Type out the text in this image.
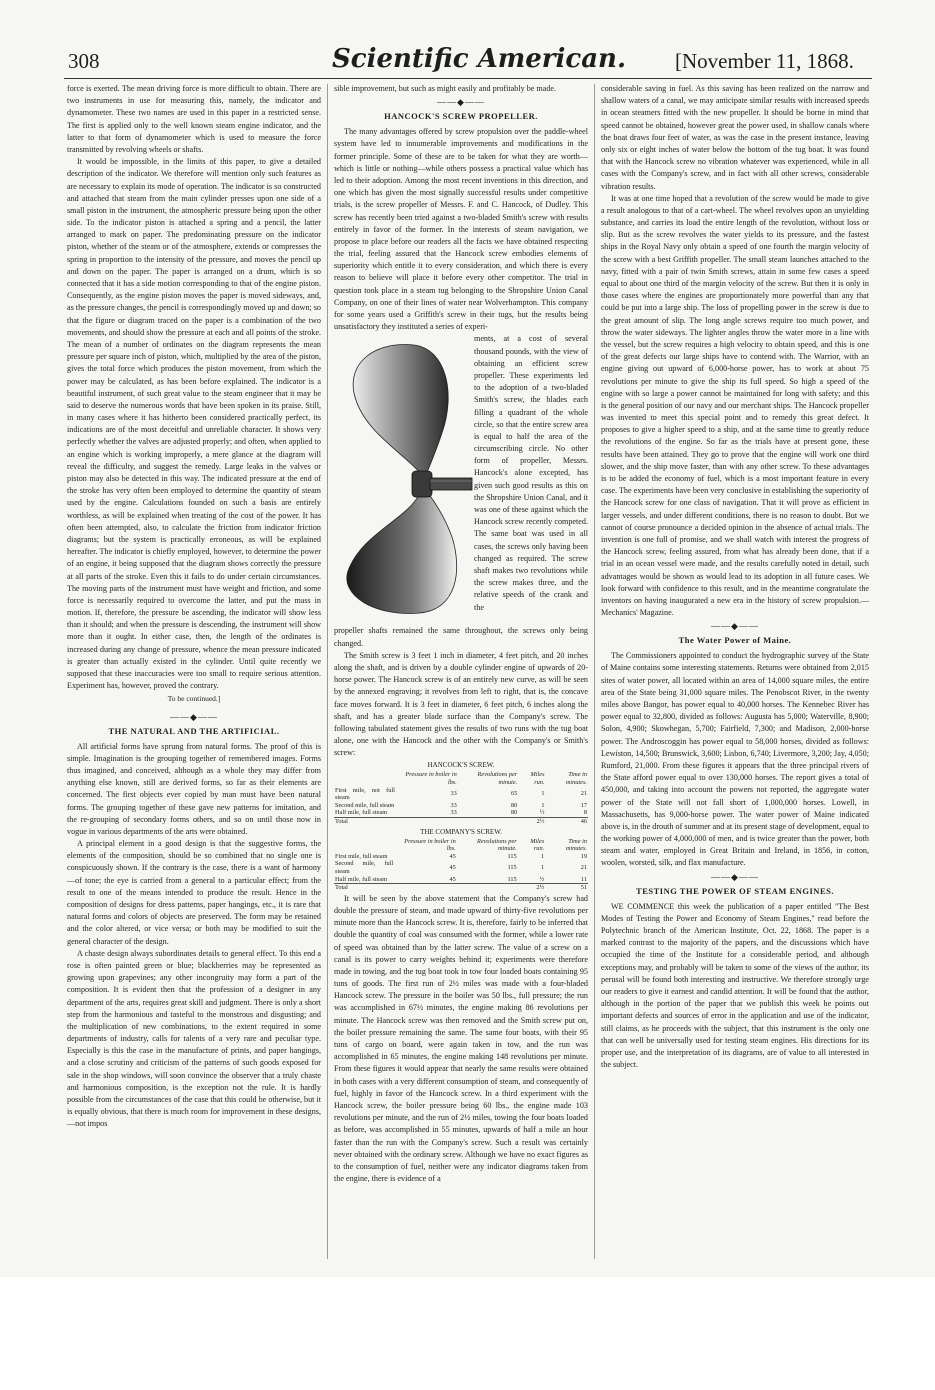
308	Scientific American.	[November 11, 1868.

force is exerted. The mean driving force is more difficult to obtain. There are two instruments in use for measuring this, namely, the indicator and dynamometer. These two names are used in this paper in a restricted sense. The first is applied only to the well known steam engine indicator, and the latter to that form of dynamometer which is used to measure the force transmitted by revolving wheels or shafts.

It would be impossible, in the limits of this paper, to give a detailed description of the indicator. We therefore will mention only such features as are necessary to explain its mode of operation. The indicator is so constructed and attached that steam from the main cylinder presses upon one side of a small piston in the instrument, the atmospheric pressure being upon the other side. To the indicator piston is attached a spring and a pencil, the latter arranged to mark on paper. The predominating pressure on the indicator piston, whether of the steam or of the atmosphere, extends or compresses the spring in proportion to the intensity of the pressure, and moves the pencil up and down on the paper. The paper is arranged on a drum, which is so connected that it has a side motion corresponding to that of the engine piston. Consequently, as the engine piston moves the paper is moved sideways, and, as the pressure changes, the pencil is correspondingly moved up and down; so that the figure or diagram traced on the paper is a combination of the two movements, and should show the pressure at each and all points of the stroke. The mean of a number of ordinates on the diagram represents the mean pressure per square inch of piston, which, multiplied by the area of the piston, gives the total force which produces the piston movement, from which the power may be calculated, as has been before explained. The indicator is a beautiful instrument, of such great value to the steam engineer that it may be said to deserve the numerous words that have been spoken in its praise. Still, in many cases where it has hitherto been considered practically perfect, its indications are of the most deceitful and unreliable character. It shows very perfectly whether the valves are adjusted properly; and often, when applied to an engine which is working improperly, a mere glance at the diagram will reveal the difficulty, and suggest the remedy. Large leaks in the valves or piston may also be detected in this way. The indicated pressure at the end of the stroke has very often been employed to determine the quantity of steam used by the engine. Calculations founded on such a basis are entirely worthless, as will be explained when treating of the cost of the power. It has often been attempted, also, to calculate the friction from indicator friction diagrams; but the system is practically erroneous, as will be explained hereafter. The indicator is chiefly employed, however, to determine the power of an engine, it being supposed that the diagram shows correctly the pressure at all parts of the stroke. Even this it fails to do under certain circumstances. The moving parts of the instrument must have weight and friction, and some force is necessarily required to overcome the latter, and put the mass in motion. If, therefore, the pressure be ascending, the indicator will show less than it should; and when the pressure is descending, the instrument will show more than it ought. In either case, then, the length of the ordinates is increased during any change of pressure, whence the mean pressure indicated is greater than actually existed in the cylinder. Until quite recently we supposed that these inaccuracies were too small to require serious attention. Experiment has, however, proved the contrary.

To be continued.]
——◆——
THE NATURAL AND THE ARTIFICIAL.

All artificial forms have sprung from natural forms. The proof of this is simple. Imagination is the grouping together of remembered images. Forms thus imagined, and conceived, although as a whole they may differ from anything else known, still are derived forms, so far as their elements are concerned. The first objects ever copied by man must have been natural forms. The grouping together of these gave new patterns for imitation, and the re-grouping of secondary forms others, and so on until those now in vogue in various departments of the arts were obtained.

A principal element in a good design is that the suggestive forms, the elements of the composition, should be so combined that no single one is conspicuously shown. If the contrary is the case, there is a want of harmony—of tone; the eye is carried from a general to a particular effect; from the result to one of the means intended to produce the result. Hence in the composition of designs for dress patterns, paper hangings, etc., it is rare that natural forms and colors of objects are preserved. The form may be retained and the color altered, or vice versa; or both may be modified to suit the general character of the design.

A chaste design always subordinates details to general effect. To this end a rose is often painted green or blue; blackberries may be represented as growing upon grapevines; any other incongruity may form a part of the composition. It is evident then that the profession of a designer in any department of the arts, requires great skill and judgment. There is only a short step from the harmonious and tasteful to the monstrous and disgusting; and the multiplication of new combinations, to the extent required in some departments of industry, calls for talents of a very rare and peculiar type. Especially is this the case in the manufacture of prints, and paper hangings, and a close scrutiny and criticism of the patterns of such goods exposed for sale in the shop windows, will soon convince the observer that a truly chaste and harmonious composition, is the exception not the rule. It is hardly possible from the circumstances of the case that this could be otherwise, but it is equally obvious, that there is much room for improvement in these designs,—not impos

sible improvement, but such as might easily and profitably be made.

——◆——
HANCOCK'S SCREW PROPELLER.

The many advantages offered by screw propulsion over the paddle-wheel system have led to innumerable improvements and modifications in the former principle. Some of these are to be taken for what they are worth—which is little or nothing—while others possess a practical value which has led to their adoption. Among the most recent inventions in this direction, and one which has given the most signally successful results under competitive trials, is the screw propeller of Messrs. F. and C. Hancock, of Dudley. This screw has recently been tried against a two-bladed Smith's screw with results entirely in favor of the former. In the interests of steam navigation, we propose to place before our readers all the facts we have obtained respecting the trial, feeling assured that the Hancock screw embodies elements of superiority which entitle it to every consideration, and which there is every reason to believe will place it before every other competitor. The trial in question took place in a steam tug belonging to the Shropshire Union Canal Company, on one of their lines of water near Wolverhampton. This company for some years used a Griffith's screw in their tugs, but the results being unsatisfactory they instituted a series of experi-

ments, at a cost of several thousand pounds, with the view of obtaining an efficient screw propeller. These experiments led to the adoption of a two-bladed Smith's screw, the blades each filling a quadrant of the whole circle, so that the entire screw area is equal to half the area of the circumscribing circle. No other form of propeller, Messrs. Hancock's alone excepted, has given such good results as this on the Shropshire Union Canal, and it was one of these against which the Hancock screw recently competed. The same boat was used in all cases, the screws only having been changed as required. The screw shaft makes two revolutions while the screw makes three, and the relative speeds of the crank and the

propeller shafts remained the same throughout, the screws only being changed.

The Smith screw is 3 feet 1 inch in diameter, 4 feet pitch, and 20 inches along the shaft, and is driven by a double cylinder engine of upwards of 20-horse power. The Hancock screw is of an entirely new curve, as will be seen by the annexed engraving; it revolves from left to right, that is, the concave face moves forward. It is 3 feet in diameter, 6 feet pitch, 6 inches along the shaft, and has a greater blade surface than the Company's screw. The following tabulated statement gives the results of two runs with the tug boat alone, one with the Hancock and the other with the Company's or Smith's screw:

HANCOCK'S SCREW.
	Pressure in boiler in lbs.	Revolutions per minute.	Miles run.	Time in minutes.
First mile, not full steam	33	65	1	21
Second mile, full steam	33	80	1	17
Half mile, full steam	33	80	½	8
Total			2½	46
THE COMPANY'S SCREW.
	Pressure in boiler in lbs.	Revolutions per minute.	Miles run.	Time in minutes.
First mile, full steam	45	115	1	19
Second mile, full steam	45	115	1	21
Half mile, full steam	45	115	½	11
Total			2½	51

It will be seen by the above statement that the Company's screw had double the pressure of steam, and made upward of thirty-five revolutions per minute more than the Hancock screw. It is, therefore, fairly to be inferred that double the quantity of coal was consumed with the former, while a lower rate of speed was obtained than by the latter screw. The value of a screw on a canal is its power to carry weights behind it; experiments were therefore made in towing, and the tug boat took in tow four loaded boats containing 95 tuns of goods. The first run of 2½ miles was made with a four-bladed Hancock screw. The pressure in the boiler was 50 lbs., full pressure; the run was accomplished in 67½ minutes, the engine making 86 revolutions per minute. The Hancock screw was then removed and the Smith screw put on, the boiler pressure remaining the same. The same four boats, with their 95 tuns of cargo on board, were again taken in tow, and the run was accomplished in 65 minutes, the engine making 148 revolutions per minute. From these figures it would appear that nearly the same results were obtained in both cases with a very different consumption of steam, and consequently of fuel, highly in favor of the Hancock screw. In a third experiment with the Hancock screw, the boiler pressure being 60 lbs., the engine made 103 revolutions per minute, and the run of 2½ miles, towing the four boats loaded as before, was accomplished in 55 minutes, upwards of half a mile an hour faster than the run with the Company's screw. Such a result was certainly never obtained with the ordinary screw. Although we have no exact figures as to the consumption of fuel, neither were any indicator diagrams taken from the engine, there is evidence of a

considerable saving in fuel. As this saving has been realized on the narrow and shallow waters of a canal, we may anticipate similar results with increased speeds in ocean steamers fitted with the new propeller. It should be borne in mind that speed cannot be obtained, however great the power used, in shallow canals where the boat draws four feet of water, as was the case in the present instance, leaving only six or eight inches of water below the bottom of the tug boat. It was found that with the Hancock screw no vibration whatever was experienced, while in all cases with the Company's screw, and in fact with all other screws, considerable vibration results.

It was at one time hoped that a revolution of the screw would be made to give a result analogous to that of a cart-wheel. The wheel revolves upon an unyielding substance, and carries its load the entire length of the revolution, without loss or slip. But as the screw revolves the water yields to its pressure, and the fastest ships in the Royal Navy only obtain a speed of one fourth the margin velocity of the screw with a best Griffith propeller. The small steam launches attached to the navy, fitted with a pair of twin Smith screws, attain in some few cases a speed equal to about one third of the margin velocity of the screw. But then it is only in those cases where the engines are proportionately more powerful than any that could be put into a large ship. The loss of propelling power in the screw is due to the great amount of slip. The long angle screws require too much power, and throw the water sideways. The lighter angles throw the water more in a line with the vessel, but the screw requires a high velocity to obtain speed, and this is one of the great defects our large ships have to contend with. The Warrior, with an engine giving out upward of 6,000-horse power, has to work at about 75 revolutions per minute to give the ship its full speed. So high a speed of the engine with so large a power cannot be maintained for long with safety; and this is the general position of our navy and our merchant ships. The Hancock propeller was invented to meet this special point and to remedy this great defect. It proposes to give a higher speed to a ship, and at the same time to greatly reduce the revolutions of the engine. So far as the trials have at present gone, these results have been attained. They go to prove that the engine will work one third slower, and the ship move faster, than with any other screw. To these advantages is to be added the economy of fuel, which is a most important feature in every case. The experiments have been very conclusive in establishing the superiority of the Hancock screw for one class of navigation. That it will prove as efficient in larger vessels, and under different conditions, there is no reason to doubt. But we cannot of course pronounce a decided opinion in the absence of actual trials. The invention is one full of promise, and we shall watch with interest the progress of the Hancock screw, feeling assured, from what has already been done, that if a trial in an ocean vessel were made, and the results carefully noted in detail, such advantages would be shown as would lead to its adoption in all future cases. We look forward with confidence to this result, and in the meantime congratulate the inventors on having inaugurated a new era in the history of screw propulsion.—Mechanics' Magazine.

——◆——
The Water Power of Maine.

The Commissioners appointed to conduct the hydrographic survey of the State of Maine contains some interesting statements. Returns were obtained from 2,015 sites of water power, all located within an area of 14,000 square miles, the entire area of the State being 31,000 square miles. The Penobscot River, in the twenty miles above Bangor, has power equal to 40,000 horses. The Kennebec River has power equal to 32,800, divided as follows: Augusta has 5,000; Waterville, 8,900; Solon, 4,900; Skowhegan, 5,700; Fairfield, 7,300; and Madison, 2,000-horse power. The Androscoggin has power equal to 58,000 horses, divided as follows: Lewiston, 14,500; Brunswick, 3,600; Lisbon, 6,740; Livermore, 3,200; Jay, 4,050; Rumford, 21,000. From these figures it appears that the three principal rivers of the State afford power equal to over 130,000 horses. The report gives a total of 450,000, and taking into account the powers not reported, the aggregate water power of the State will not fall short of 1,000,000 horses. Lowell, in Massachusetts, has 9,000-horse power. The water power of Maine indicated above is, in the drouth of summer and at its present stage of development, equal to the working power of 4,000,000 of men, and is twice greater than the power, both steam and water, employed in Great Britain and Ireland, in 1856, in cotton, woolen, worsted, silk, and flax manufacture.

——◆——
TESTING THE POWER OF STEAM ENGINES.

WE COMMENCE this week the publication of a paper entitled "The Best Modes of Testing the Power and Economy of Steam Engines," read before the Polytechnic branch of the American Institute, Oct. 22, 1868. The paper is a marked contrast to the majority of the papers, and the discussions which have occupied the time of the Institute for a considerable period, and although exceptions may, and probably will be taken to some of the views of the author, its perusal will be found both interesting and instructive. We therefore strongly urge our readers to give it earnest and candid attention. It will be found that the author, although in the portion of the paper that we publish this week he points out important defects and sources of error in the application and use of the indicator, still claims, as he proceeds with the subject, that this instrument is the only one that can well be universally used for testing steam engines. His directions for its proper use, and the interpretation of its diagrams, are of value to all interested in the subject.
